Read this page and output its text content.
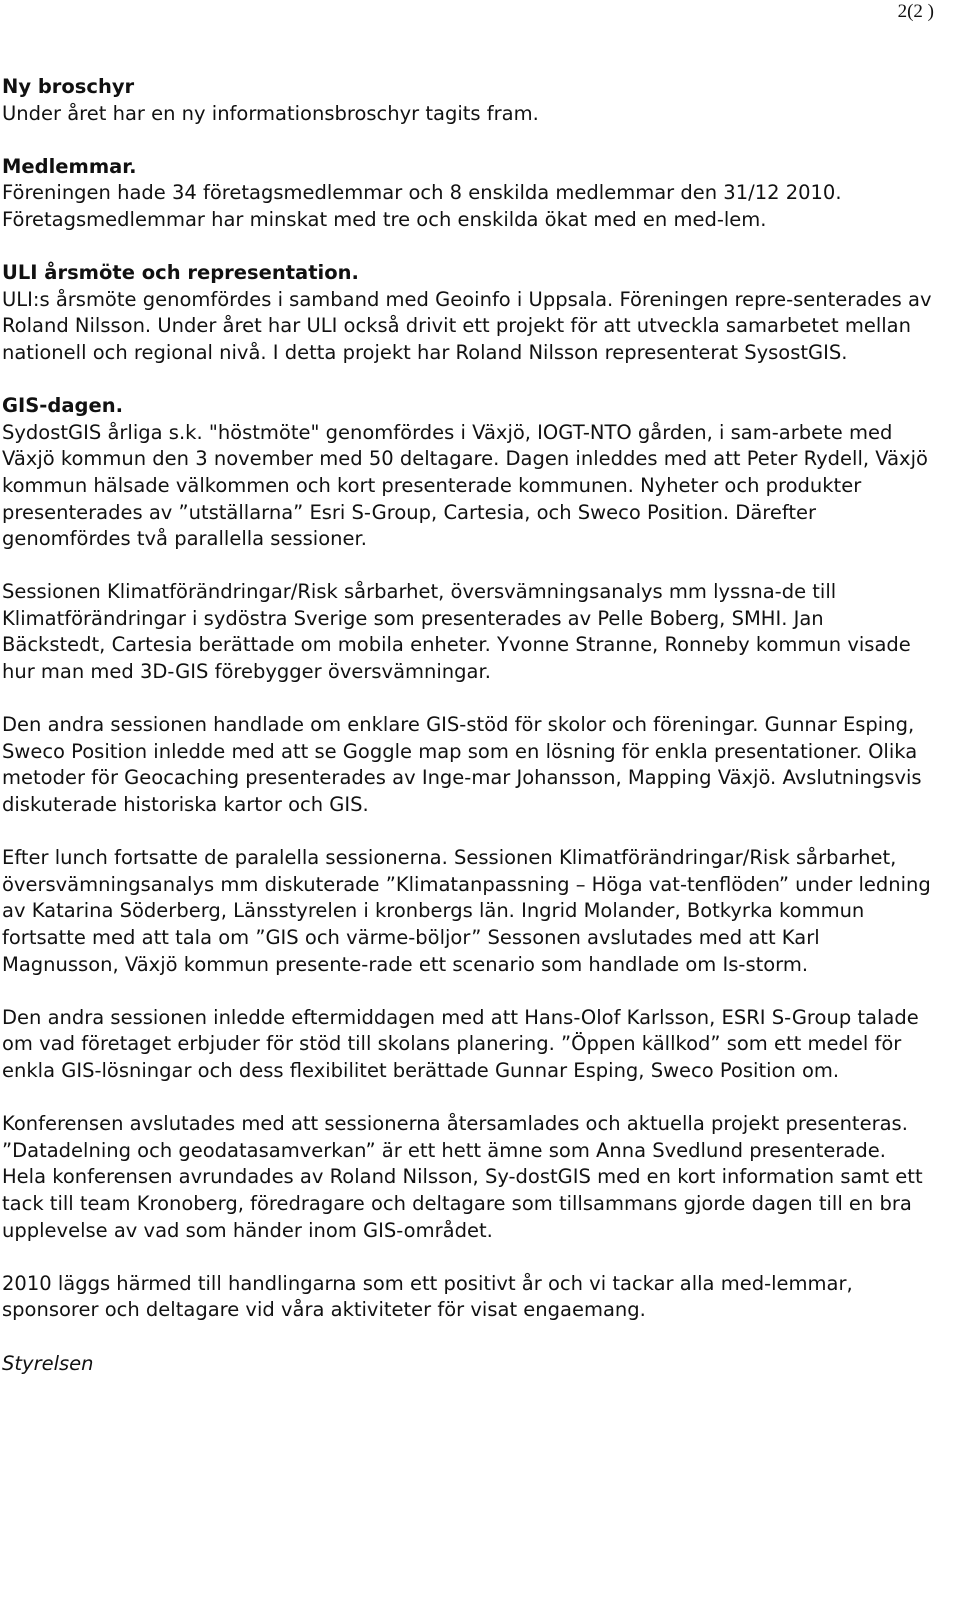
2(2 )
Ny broschyr

Under året har en ny informationsbroschyr tagits fram.

Medlemmar.

Föreningen hade 34 företagsmedlemmar och 8 enskilda medlemmar den 31/12 2010. Företagsmedlemmar har minskat med tre och enskilda ökat med en med-lem.

ULI årsmöte och representation.

ULI:s årsmöte genomfördes i samband med Geoinfo i Uppsala. Föreningen repre-senterades av Roland Nilsson. Under året har ULI också drivit ett projekt för att utveckla samarbetet mellan nationell och regional nivå. I detta projekt har Roland Nilsson representerat SysostGIS.

GIS-dagen.

SydostGIS årliga s.k. "höstmöte" genomfördes i Växjö, IOGT-NTO gården, i sam-arbete med Växjö kommun den 3 november med 50 deltagare. Dagen inleddes med att Peter Rydell, Växjö kommun hälsade välkommen och kort presenterade kommunen. Nyheter och produkter presenterades av ”utställarna” Esri S-Group, Cartesia, och Sweco Position. Därefter genomfördes två parallella sessioner.

Sessionen Klimatförändringar/Risk sårbarhet, översvämningsanalys mm lyssna-de till Klimatförändringar i sydöstra Sverige som presenterades av Pelle Boberg, SMHI. Jan Bäckstedt, Cartesia berättade om mobila enheter. Yvonne Stranne, Ronneby kommun visade hur man med 3D-GIS förebygger översvämningar.

Den andra sessionen handlade om enklare GIS-stöd för skolor och föreningar. Gunnar Esping, Sweco Position inledde med att se Goggle map som en lösning för enkla presentationer. Olika metoder för Geocaching presenterades av Inge-mar Johansson, Mapping Växjö. Avslutningsvis diskuterade historiska kartor och GIS.

Efter lunch fortsatte de paralella sessionerna. Sessionen Klimatförändringar/Risk sårbarhet, översvämningsanalys mm diskuterade ”Klimatanpassning – Höga vat-tenflöden” under ledning av Katarina Söderberg, Länsstyrelen i kronbergs län. Ingrid Molander, Botkyrka kommun fortsatte med att tala om ”GIS och värme-böljor” Sessonen avslutades med att Karl Magnusson, Växjö kommun presente-rade ett scenario som handlade om Is-storm.

Den andra sessionen inledde eftermiddagen med att Hans-Olof Karlsson, ESRI S-Group talade om vad företaget erbjuder för stöd till skolans planering. ”Öppen källkod” som ett medel för enkla GIS-lösningar och dess flexibilitet berättade Gunnar Esping, Sweco Position om.

Konferensen avslutades med att sessionerna återsamlades och aktuella projekt presenteras. ”Datadelning och geodatasamverkan” är ett hett ämne som Anna Svedlund presenterade. Hela konferensen avrundades av Roland Nilsson, Sy-dostGIS med en kort information samt ett tack till team Kronoberg, föredragare och deltagare som tillsammans gjorde dagen till en bra upplevelse av vad som händer inom GIS-området.

2010 läggs härmed till handlingarna som ett positivt år och vi tackar alla med-lemmar, sponsorer och deltagare vid våra aktiviteter för visat engaemang.

Styrelsen
